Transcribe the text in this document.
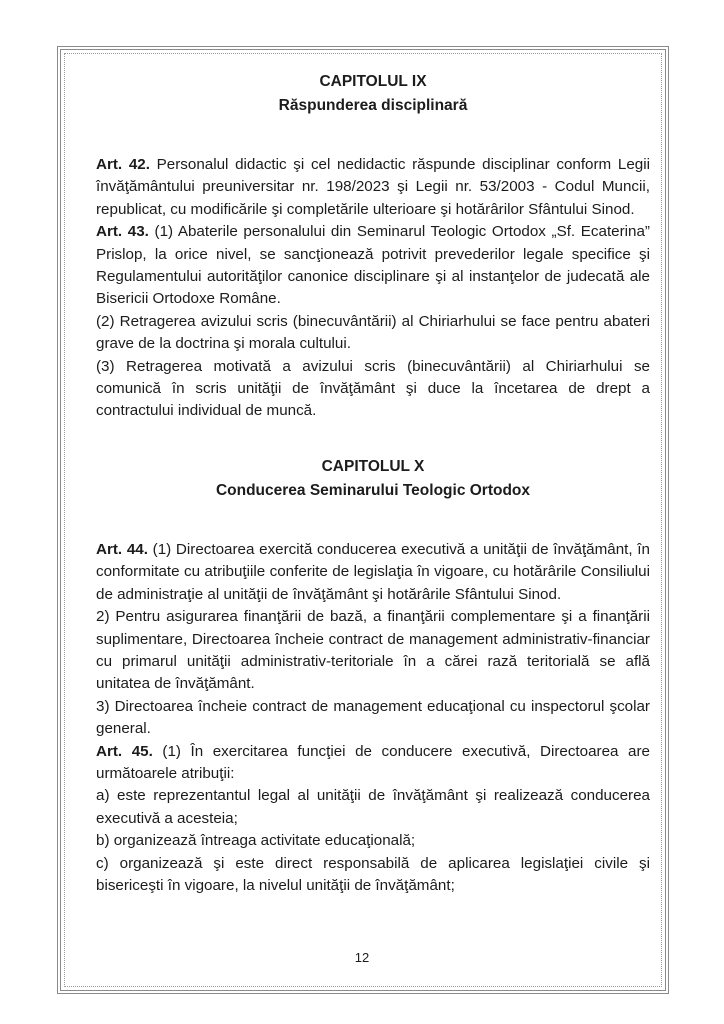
CAPITOLUL IX
Răspunderea disciplinară

Art. 42. Personalul didactic şi cel nedidactic răspunde disciplinar conform Legii învăţământului preuniversitar nr. 198/2023 şi Legii nr. 53/2003 - Codul Muncii, republicat, cu modificările şi completările ulterioare şi hotărârilor Sfântului Sinod.

Art. 43. (1) Abaterile personalului din Seminarul Teologic Ortodox „Sf. Ecaterina” Prislop, la orice nivel, se sancţionează potrivit prevederilor legale specifice şi Regulamentului autorităţilor canonice disciplinare şi al instanţelor de judecată ale Bisericii Ortodoxe Române.

(2) Retragerea avizului scris (binecuvântării) al Chiriarhului se face pentru abateri grave de la doctrina şi morala cultului.

(3) Retragerea motivată a avizului scris (binecuvântării) al Chiriarhului se comunică în scris unităţii de învăţământ şi duce la încetarea de drept a contractului individual de muncă.

CAPITOLUL X
Conducerea Seminarului Teologic Ortodox

Art. 44. (1) Directoarea exercită conducerea executivă a unităţii de învăţământ, în conformitate cu atribuţiile conferite de legislaţia în vigoare, cu hotărârile Consiliului de administraţie al unităţii de învăţământ şi hotărârile Sfântului Sinod.

2) Pentru asigurarea finanţării de bază, a finanţării complementare şi a finanţării suplimentare, Directoarea încheie contract de management administrativ-financiar cu primarul unităţii administrativ-teritoriale în a cărei rază teritorială se află unitatea de învăţământ.

3) Directoarea încheie contract de management educaţional cu inspectorul şcolar general.

Art. 45. (1) În exercitarea funcţiei de conducere executivă, Directoarea are următoarele atribuţii:

a) este reprezentantul legal al unităţii de învăţământ şi realizează conducerea executivă a acesteia;

b) organizează întreaga activitate educaţională;

c) organizează şi este direct responsabilă de aplicarea legislaţiei civile şi bisericeşti în vigoare, la nivelul unităţii de învăţământ;

12
